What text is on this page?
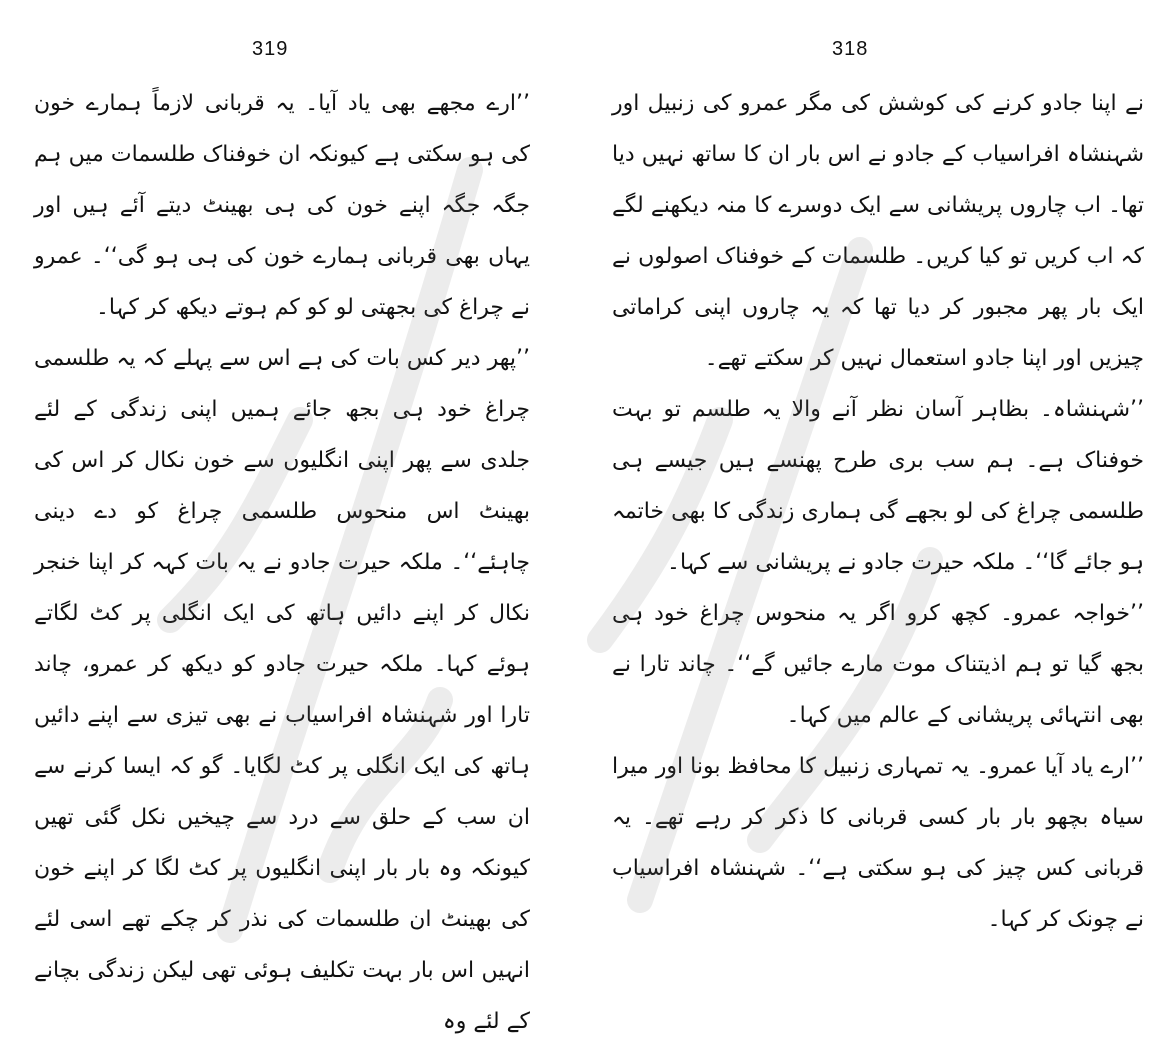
319

’’ارے مجھے بھی یاد آیا۔ یہ قربانی لازماً ہمارے خون کی ہو سکتی ہے کیونکہ ان خوفناک طلسمات میں ہم جگہ جگہ اپنے خون کی ہی بھینٹ دیتے آئے ہیں اور یہاں بھی قربانی ہمارے خون کی ہی ہو گی‘‘۔ عمرو نے چراغ کی بجھتی لو کو کم ہوتے دیکھ کر کہا۔

’’پھر دیر کس بات کی ہے اس سے پہلے کہ یہ طلسمی چراغ خود ہی بجھ جائے ہمیں اپنی زندگی کے لئے جلدی سے پھر اپنی انگلیوں سے خون نکال کر اس کی بھینٹ اس منحوس طلسمی چراغ کو دے دینی چاہئے‘‘۔ ملکہ حیرت جادو نے یہ بات کہہ کر اپنا خنجر نکال کر اپنے دائیں ہاتھ کی ایک انگلی پر کٹ لگاتے ہوئے کہا۔ ملکہ حیرت جادو کو دیکھ کر عمرو، چاند تارا اور شہنشاہ افراسیاب نے بھی تیزی سے اپنے دائیں ہاتھ کی ایک انگلی پر کٹ لگایا۔ گو کہ ایسا کرنے سے ان سب کے حلق سے درد سے چیخیں نکل گئی تھیں کیونکہ وہ بار بار اپنی انگلیوں پر کٹ لگا کر اپنے خون کی بھینٹ ان طلسمات کی نذر کر چکے تھے اسی لئے انہیں اس بار بہت تکلیف ہوئی تھی لیکن زندگی بچانے کے لئے وہ

318

نے اپنا جادو کرنے کی کوشش کی مگر عمرو کی زنبیل اور شہنشاہ افراسیاب کے جادو نے اس بار ان کا ساتھ نہیں دیا تھا۔ اب چاروں پریشانی سے ایک دوسرے کا منہ دیکھنے لگے کہ اب کریں تو کیا کریں۔ طلسمات کے خوفناک اصولوں نے ایک بار پھر مجبور کر دیا تھا کہ یہ چاروں اپنی کراماتی چیزیں اور اپنا جادو استعمال نہیں کر سکتے تھے۔

’’شہنشاہ۔ بظاہر آسان نظر آنے والا یہ طلسم تو بہت خوفناک ہے۔ ہم سب بری طرح پھنسے ہیں جیسے ہی طلسمی چراغ کی لو بجھے گی ہماری زندگی کا بھی خاتمہ ہو جائے گا‘‘۔ ملکہ حیرت جادو نے پریشانی سے کہا۔

’’خواجہ عمرو۔ کچھ کرو اگر یہ منحوس چراغ خود ہی بجھ گیا تو ہم اذیتناک موت مارے جائیں گے‘‘۔ چاند تارا نے بھی انتہائی پریشانی کے عالم میں کہا۔

’’ارے یاد آیا عمرو۔ یہ تمہاری زنبیل کا محافظ بونا اور میرا سیاہ بچھو بار بار کسی قربانی کا ذکر کر رہے تھے۔ یہ قربانی کس چیز کی ہو سکتی ہے‘‘۔ شہنشاہ افراسیاب نے چونک کر کہا۔
